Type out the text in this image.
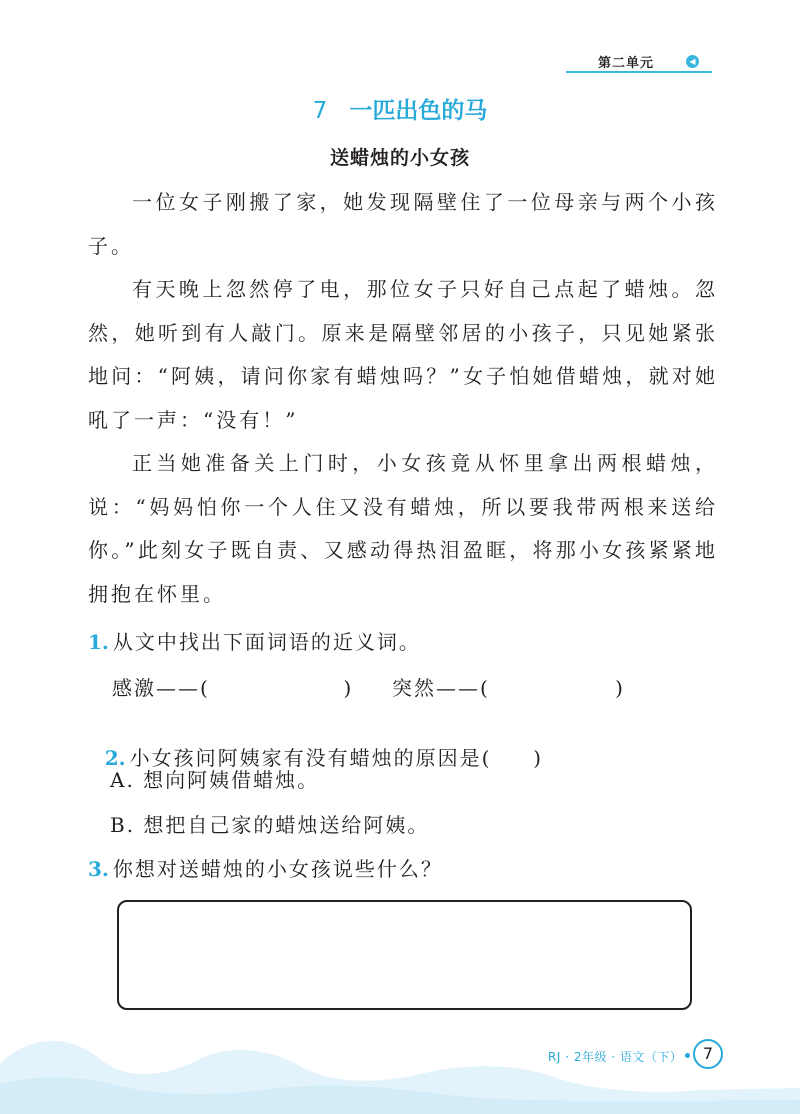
第二单元	◀
7 一匹出色的马
送蜡烛的小女孩

一位女子刚搬了家，她发现隔壁住了一位母亲与两个小孩子。

有天晚上忽然停了电，那位女子只好自己点起了蜡烛。忽然，她听到有人敲门。原来是隔壁邻居的小孩子，只见她紧张地问：“阿姨，请问你家有蜡烛吗？”女子怕她借蜡烛，就对她吼了一声：“没有！”

正当她准备关上门时，小女孩竟从怀里拿出两根蜡烛，说：“妈妈怕你一个人住又没有蜡烛，所以要我带两根来送给你。”此刻女子既自责、又感动得热泪盈眶，将那小女孩紧紧地拥抱在怀里。

1. 从文中找出下面词语的近义词。
感激——(                ) 突然——(               )

2. 小女孩问阿姨家有没有蜡烛的原因是(     )

A. 想向阿姨借蜡烛。
B. 想把自己家的蜡烛送给阿姨。
3. 你想对送蜡烛的小女孩说些什么？
RJ · 2年级 · 语文（下）	7
